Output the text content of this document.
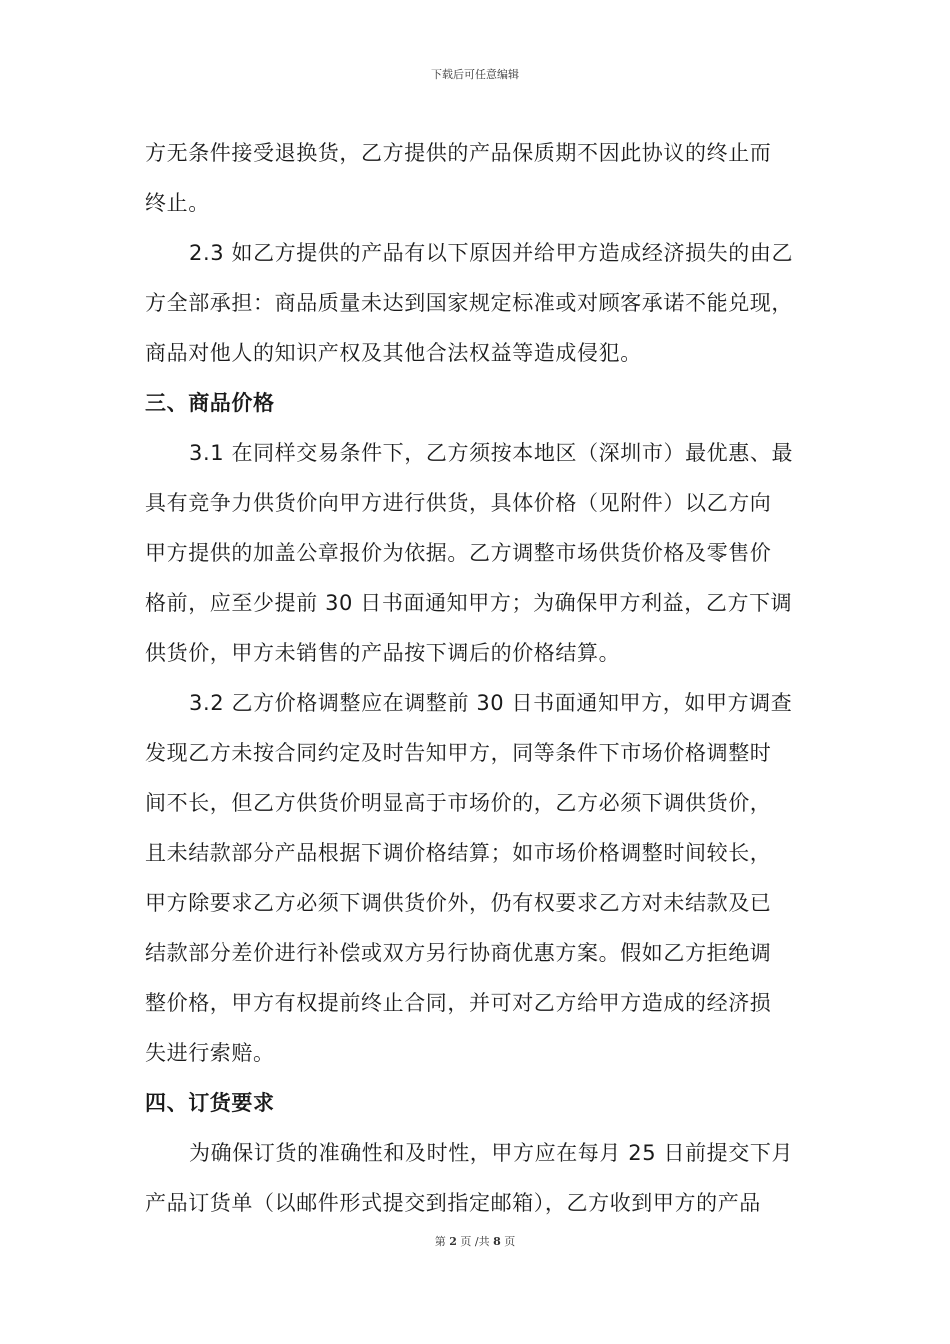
下载后可任意编辑
方无条件接受退换货，乙方提供的产品保质期不因此协议的终止而
终止。
2.3 如乙方提供的产品有以下原因并给甲方造成经济损失的由乙
方全部承担：商品质量未达到国家规定标准或对顾客承诺不能兑现，
商品对他人的知识产权及其他合法权益等造成侵犯。
三、商品价格
3.1 在同样交易条件下，乙方须按本地区（深圳市）最优惠、最
具有竞争力供货价向甲方进行供货，具体价格（见附件）以乙方向
甲方提供的加盖公章报价为依据。乙方调整市场供货价格及零售价
格前，应至少提前 30 日书面通知甲方；为确保甲方利益，乙方下调
供货价，甲方未销售的产品按下调后的价格结算。
3.2 乙方价格调整应在调整前 30 日书面通知甲方，如甲方调查
发现乙方未按合同约定及时告知甲方，同等条件下市场价格调整时
间不长，但乙方供货价明显高于市场价的，乙方必须下调供货价，
且未结款部分产品根据下调价格结算；如市场价格调整时间较长，
甲方除要求乙方必须下调供货价外，仍有权要求乙方对未结款及已
结款部分差价进行补偿或双方另行协商优惠方案。假如乙方拒绝调
整价格，甲方有权提前终止合同，并可对乙方给甲方造成的经济损
失进行索赔。
四、订货要求
为确保订货的准确性和及时性，甲方应在每月 25 日前提交下月
产品订货单（以邮件形式提交到指定邮箱），乙方收到甲方的产品
第 2 页 /共 8 页
